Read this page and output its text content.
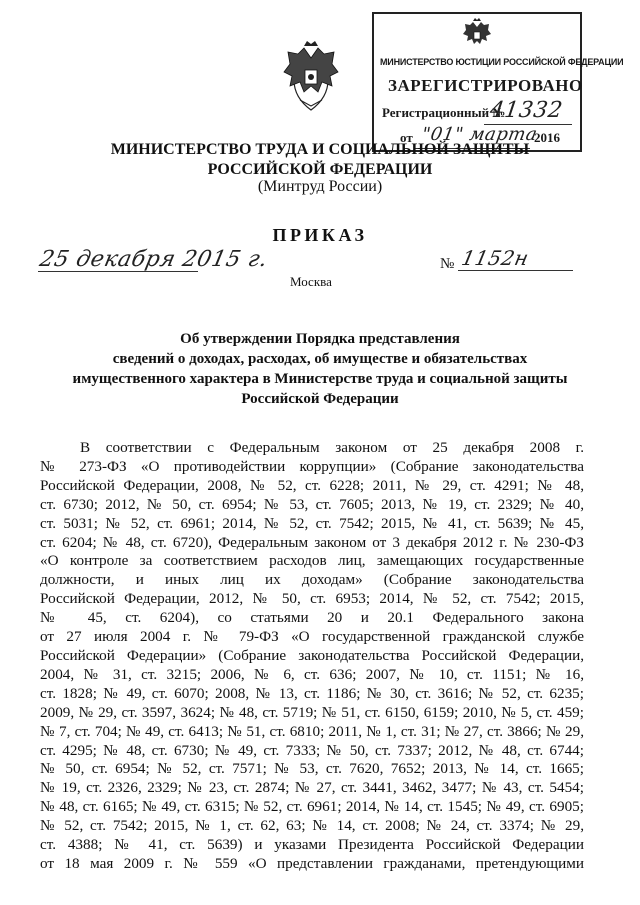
МИНИСТЕРСТВО ЮСТИЦИИ РОССИЙСКОЙ ФЕДЕРАЦИИ
ЗАРЕГИСТРИРОВАНО
Регистрационный №
41332
от "01" марта
2016
МИНИСТЕРСТВО ТРУДА И СОЦИАЛЬНОЙ ЗАЩИТЫ
РОССИЙСКОЙ ФЕДЕРАЦИИ
(Минтруд России)
ПРИКАЗ
25 декабря 2015 г.	№ 1152н
Москва
Об утверждении Порядка представления
сведений о доходах, расходах, об имуществе и обязательствах
имущественного характера в Министерстве труда и социальной защиты
Российской Федерации
В соответствии с Федеральным законом от 25 декабря 2008 г.
№ 273-ФЗ «О противодействии коррупции» (Собрание законодательства
Российской Федерации, 2008, № 52, ст. 6228; 2011, № 29, ст. 4291; № 48,
ст. 6730; 2012, № 50, ст. 6954; № 53, ст. 7605; 2013, № 19, ст. 2329; № 40,
ст. 5031; № 52, ст. 6961; 2014, № 52, ст. 7542; 2015, № 41, ст. 5639; № 45,
ст. 6204; № 48, ст. 6720), Федеральным законом от 3 декабря 2012 г. № 230-ФЗ
«О контроле за соответствием расходов лиц, замещающих государственные
должности, и иных лиц их доходам» (Собрание законодательства
Российской Федерации, 2012, № 50, ст. 6953; 2014, № 52, ст. 7542; 2015,
№ 45, ст. 6204), со статьями 20 и 20.1 Федерального закона
от 27 июля 2004 г. № 79-ФЗ «О государственной гражданской службе
Российской Федерации» (Собрание законодательства Российской Федерации,
2004, № 31, ст. 3215; 2006, № 6, ст. 636; 2007, № 10, ст. 1151; № 16,
ст. 1828; № 49, ст. 6070; 2008, № 13, ст. 1186; № 30, ст. 3616; № 52, ст. 6235;
2009, № 29, ст. 3597, 3624; № 48, ст. 5719; № 51, ст. 6150, 6159; 2010, № 5, ст. 459;
№ 7, ст. 704; № 49, ст. 6413; № 51, ст. 6810; 2011, № 1, ст. 31; № 27, ст. 3866; № 29,
ст. 4295; № 48, ст. 6730; № 49, ст. 7333; № 50, ст. 7337; 2012, № 48, ст. 6744;
№ 50, ст. 6954; № 52, ст. 7571; № 53, ст. 7620, 7652; 2013, № 14, ст. 1665;
№ 19, ст. 2326, 2329; № 23, ст. 2874; № 27, ст. 3441, 3462, 3477; № 43, ст. 5454;
№ 48, ст. 6165; № 49, ст. 6315; № 52, ст. 6961; 2014, № 14, ст. 1545; № 49, ст. 6905;
№ 52, ст. 7542; 2015, № 1, ст. 62, 63; № 14, ст. 2008; № 24, ст. 3374; № 29,
ст. 4388; № 41, ст. 5639) и указами Президента Российской Федерации
от 18 мая 2009 г. № 559 «О представлении гражданами, претендующими
